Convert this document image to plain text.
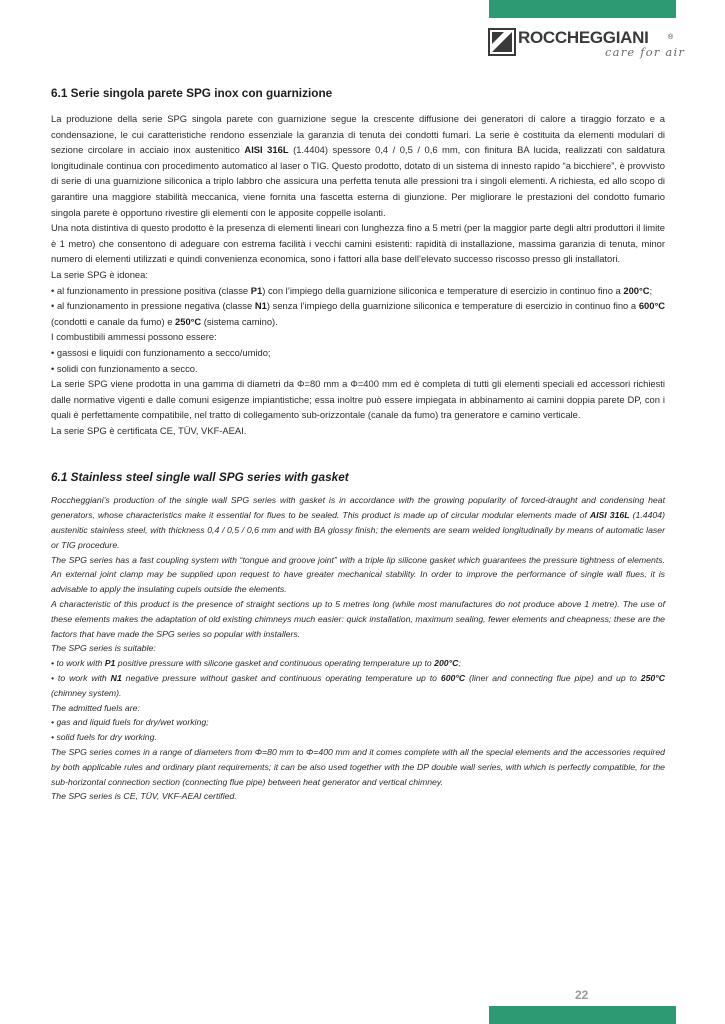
ROCCHEGGIANI	®
care for air
6.1 Serie singola parete SPG inox con guarnizione

La produzione della serie SPG singola parete con guarnizione segue la crescente diffusione dei generatori di calore a tiraggio forzato e a condensazione, le cui caratteristiche rendono essenziale la garanzia di tenuta dei condotti fumari. La serie è costituita da elementi modulari di sezione circolare in acciaio inox austenitico AISI 316L (1.4404) spessore 0,4 / 0,5 / 0,6 mm, con finitura BA lucida, realizzati con saldatura longitudinale continua con procedimento automatico al laser o TIG. Questo prodotto, dotato di un sistema di innesto rapido “a bicchiere”, è provvisto di serie di una guarnizione siliconica a triplo labbro che assicura una perfetta tenuta alle pressioni tra i singoli elementi. A richiesta, ed allo scopo di garantire una maggiore stabilità meccanica, viene fornita una fascetta esterna di giunzione. Per migliorare le prestazioni del condotto fumario singola parete è opportuno rivestire gli elementi con le apposite coppelle isolanti.

Una nota distintiva di questo prodotto è la presenza di elementi lineari con lunghezza fino a 5 metri (per la maggior parte degli altri produttori il limite è 1 metro) che consentono di adeguare con estrema facilità i vecchi camini esistenti: rapidità di installazione, massima garanzia di tenuta, minor numero di elementi utilizzati e quindi convenienza economica, sono i fattori alla base dell’elevato successo riscosso presso gli installatori.

La serie SPG è idonea:

• al funzionamento in pressione positiva (classe P1) con l’impiego della guarnizione siliconica e temperature di esercizio in continuo fino a 200°C;

• al funzionamento in pressione negativa (classe N1) senza l’impiego della guarnizione siliconica e temperature di esercizio in continuo fino a 600°C (condotti e canale da fumo) e 250°C (sistema camino).

I combustibili ammessi possono essere:

• gassosi e liquidi con funzionamento a secco/umido;

• solidi con funzionamento a secco.

La serie SPG viene prodotta in una gamma di diametri da Φ=80 mm a Φ=400 mm ed è completa di tutti gli elementi speciali ed accessori richiesti dalle normative vigenti e dalle comuni esigenze impiantistiche; essa inoltre può essere impiegata in abbinamento ai camini doppia parete DP, con i quali è perfettamente compatibile, nel tratto di collegamento sub-orizzontale (canale da fumo) tra generatore e camino verticale.

La serie SPG è certificata CE, TÜV, VKF-AEAI.

6.1 Stainless steel single wall SPG series with gasket

Roccheggiani’s production of the single wall SPG series with gasket is in accordance with the growing popularity of forced-draught and condensing heat generators, whose characteristics make it essential for flues to be sealed. This product is made up of circular modular elements made of AISI 316L (1.4404) austenitic stainless steel, with thickness 0,4 / 0,5 / 0,6 mm and with BA glossy finish; the elements are seam welded longitudinally by means of automatic laser or TIG procedure.

The SPG series has a fast coupling system with “tongue and groove joint” with a triple lip silicone gasket which guarantees the pressure tightness of elements. An external joint clamp may be supplied upon request to have greater mechanical stability. In order to improve the performance of single wall flues, it is advisable to apply the insulating cupels outside the elements.

A characteristic of this product is the presence of straight sections up to 5 metres long (while most manufactures do not produce above 1 metre). The use of these elements makes the adaptation of old existing chimneys much easier: quick installation, maximum sealing, fewer elements and cheapness; these are the factors that have made the SPG series so popular with installers.

The SPG series is suitable:

• to work with P1 positive pressure with silicone gasket and continuous operating temperature up to 200°C;

• to work with N1 negative pressure without gasket and continuous operating temperature up to 600°C (liner and connecting flue pipe) and up to 250°C (chimney system).

The admitted fuels are:

• gas and liquid fuels for dry/wet working;

• solid fuels for dry working.

The SPG series comes in a range of diameters from Φ=80 mm to Φ=400 mm and it comes complete with all the special elements and the accessories required by both applicable rules and ordinary plant requirements; it can be also used together with the DP double wall series, with which is perfectly compatible, for the sub-horizontal connection section (connecting flue pipe) between heat generator and vertical chimney.

The SPG series is CE, TÜV, VKF-AEAI certified.

22
